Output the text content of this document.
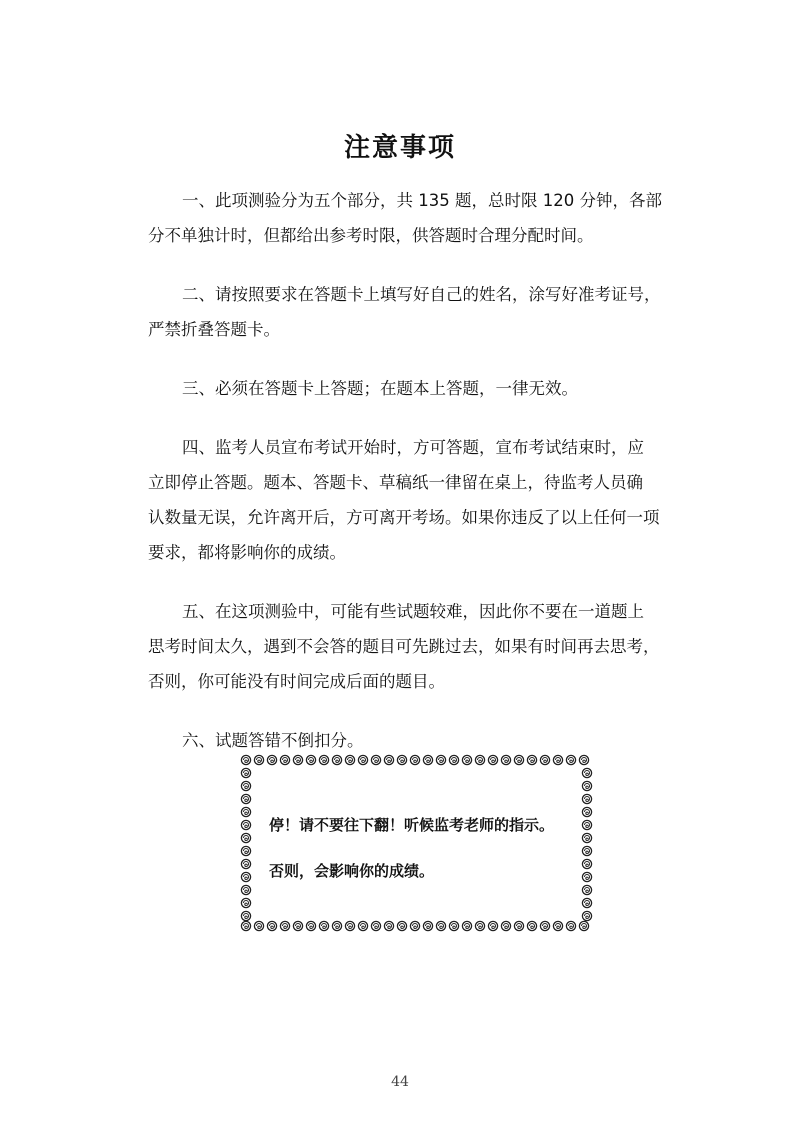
注意事项

一、此项测验分为五个部分，共 135 题，总时限 120 分钟，各部
分不单独计时，但都给出参考时限，供答题时合理分配时间。

二、请按照要求在答题卡上填写好自己的姓名，涂写好准考证号，
严禁折叠答题卡。

三、必须在答题卡上答题；在题本上答题，一律无效。

四、监考人员宣布考试开始时，方可答题，宣布考试结束时，应
立即停止答题。题本、答题卡、草稿纸一律留在桌上，待监考人员确
认数量无误，允许离开后，方可离开考场。如果你违反了以上任何一项
要求，都将影响你的成绩。

五、在这项测验中，可能有些试题较难，因此你不要在一道题上
思考时间太久，遇到不会答的题目可先跳过去，如果有时间再去思考，
否则，你可能没有时间完成后面的题目。

六、试题答错不倒扣分。

停！请不要往下翻！听候监考老师的指示。
否则，会影响你的成绩。
44
